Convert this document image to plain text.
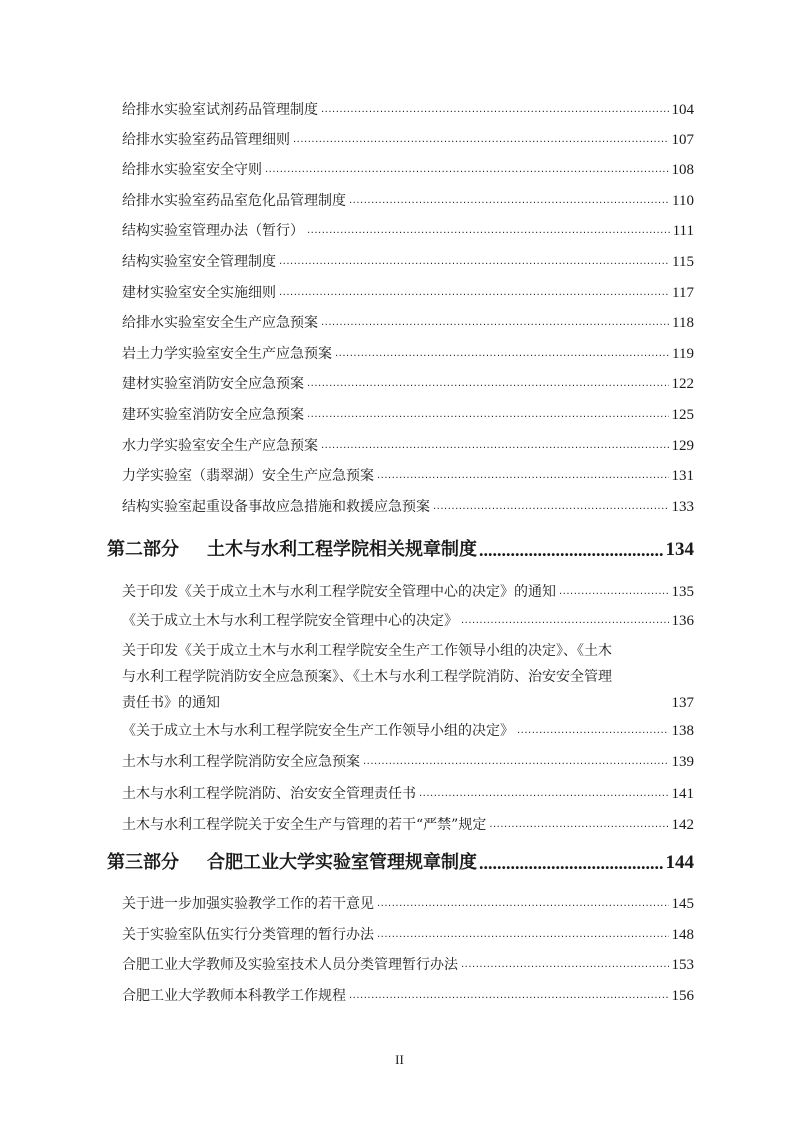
给排水实验室试剂药品管理制度 .....	104
给排水实验室药品管理细则 .....	107
给排水实验室安全守则 .....	108
给排水实验室药品室危化品管理制度 .....	110
结构实验室管理办法（暂行） .....	111
结构实验室安全管理制度 .....	115
建材实验室安全实施细则 .....	117
给排水实验室安全生产应急预案 .....	118
岩土力学实验室安全生产应急预案 .....	119
建材实验室消防安全应急预案 .....	122
建环实验室消防安全应急预案 .....	125
水力学实验室安全生产应急预案 .....	129
力学实验室（翡翠湖）安全生产应急预案 .....	131
结构实验室起重设备事故应急措施和救援应急预案 .....	133
第二部分 土木与水利工程学院相关规章制度 .....	134
关于印发《关于成立土木与水利工程学院安全管理中心的决定》的通知 .....	135
《关于成立土木与水利工程学院安全管理中心的决定》 .....	136
关于印发《关于成立土木与水利工程学院安全生产工作领导小组的决定》、《土木
与水利工程学院消防安全应急预案》、《土木与水利工程学院消防、治安安全管理
责任书》的通知	137
《关于成立土木与水利工程学院安全生产工作领导小组的决定》 .....	138
土木与水利工程学院消防安全应急预案 .....	139
土木与水利工程学院消防、治安安全管理责任书 .....	141
土木与水利工程学院关于安全生产与管理的若干“严禁”规定 .....	142
第三部分 合肥工业大学实验室管理规章制度 .....	144
关于进一步加强实验教学工作的若干意见 .....	145
关于实验室队伍实行分类管理的暂行办法 .....	148
合肥工业大学教师及实验室技术人员分类管理暂行办法 .....	153
合肥工业大学教师本科教学工作规程 .....	156
II
